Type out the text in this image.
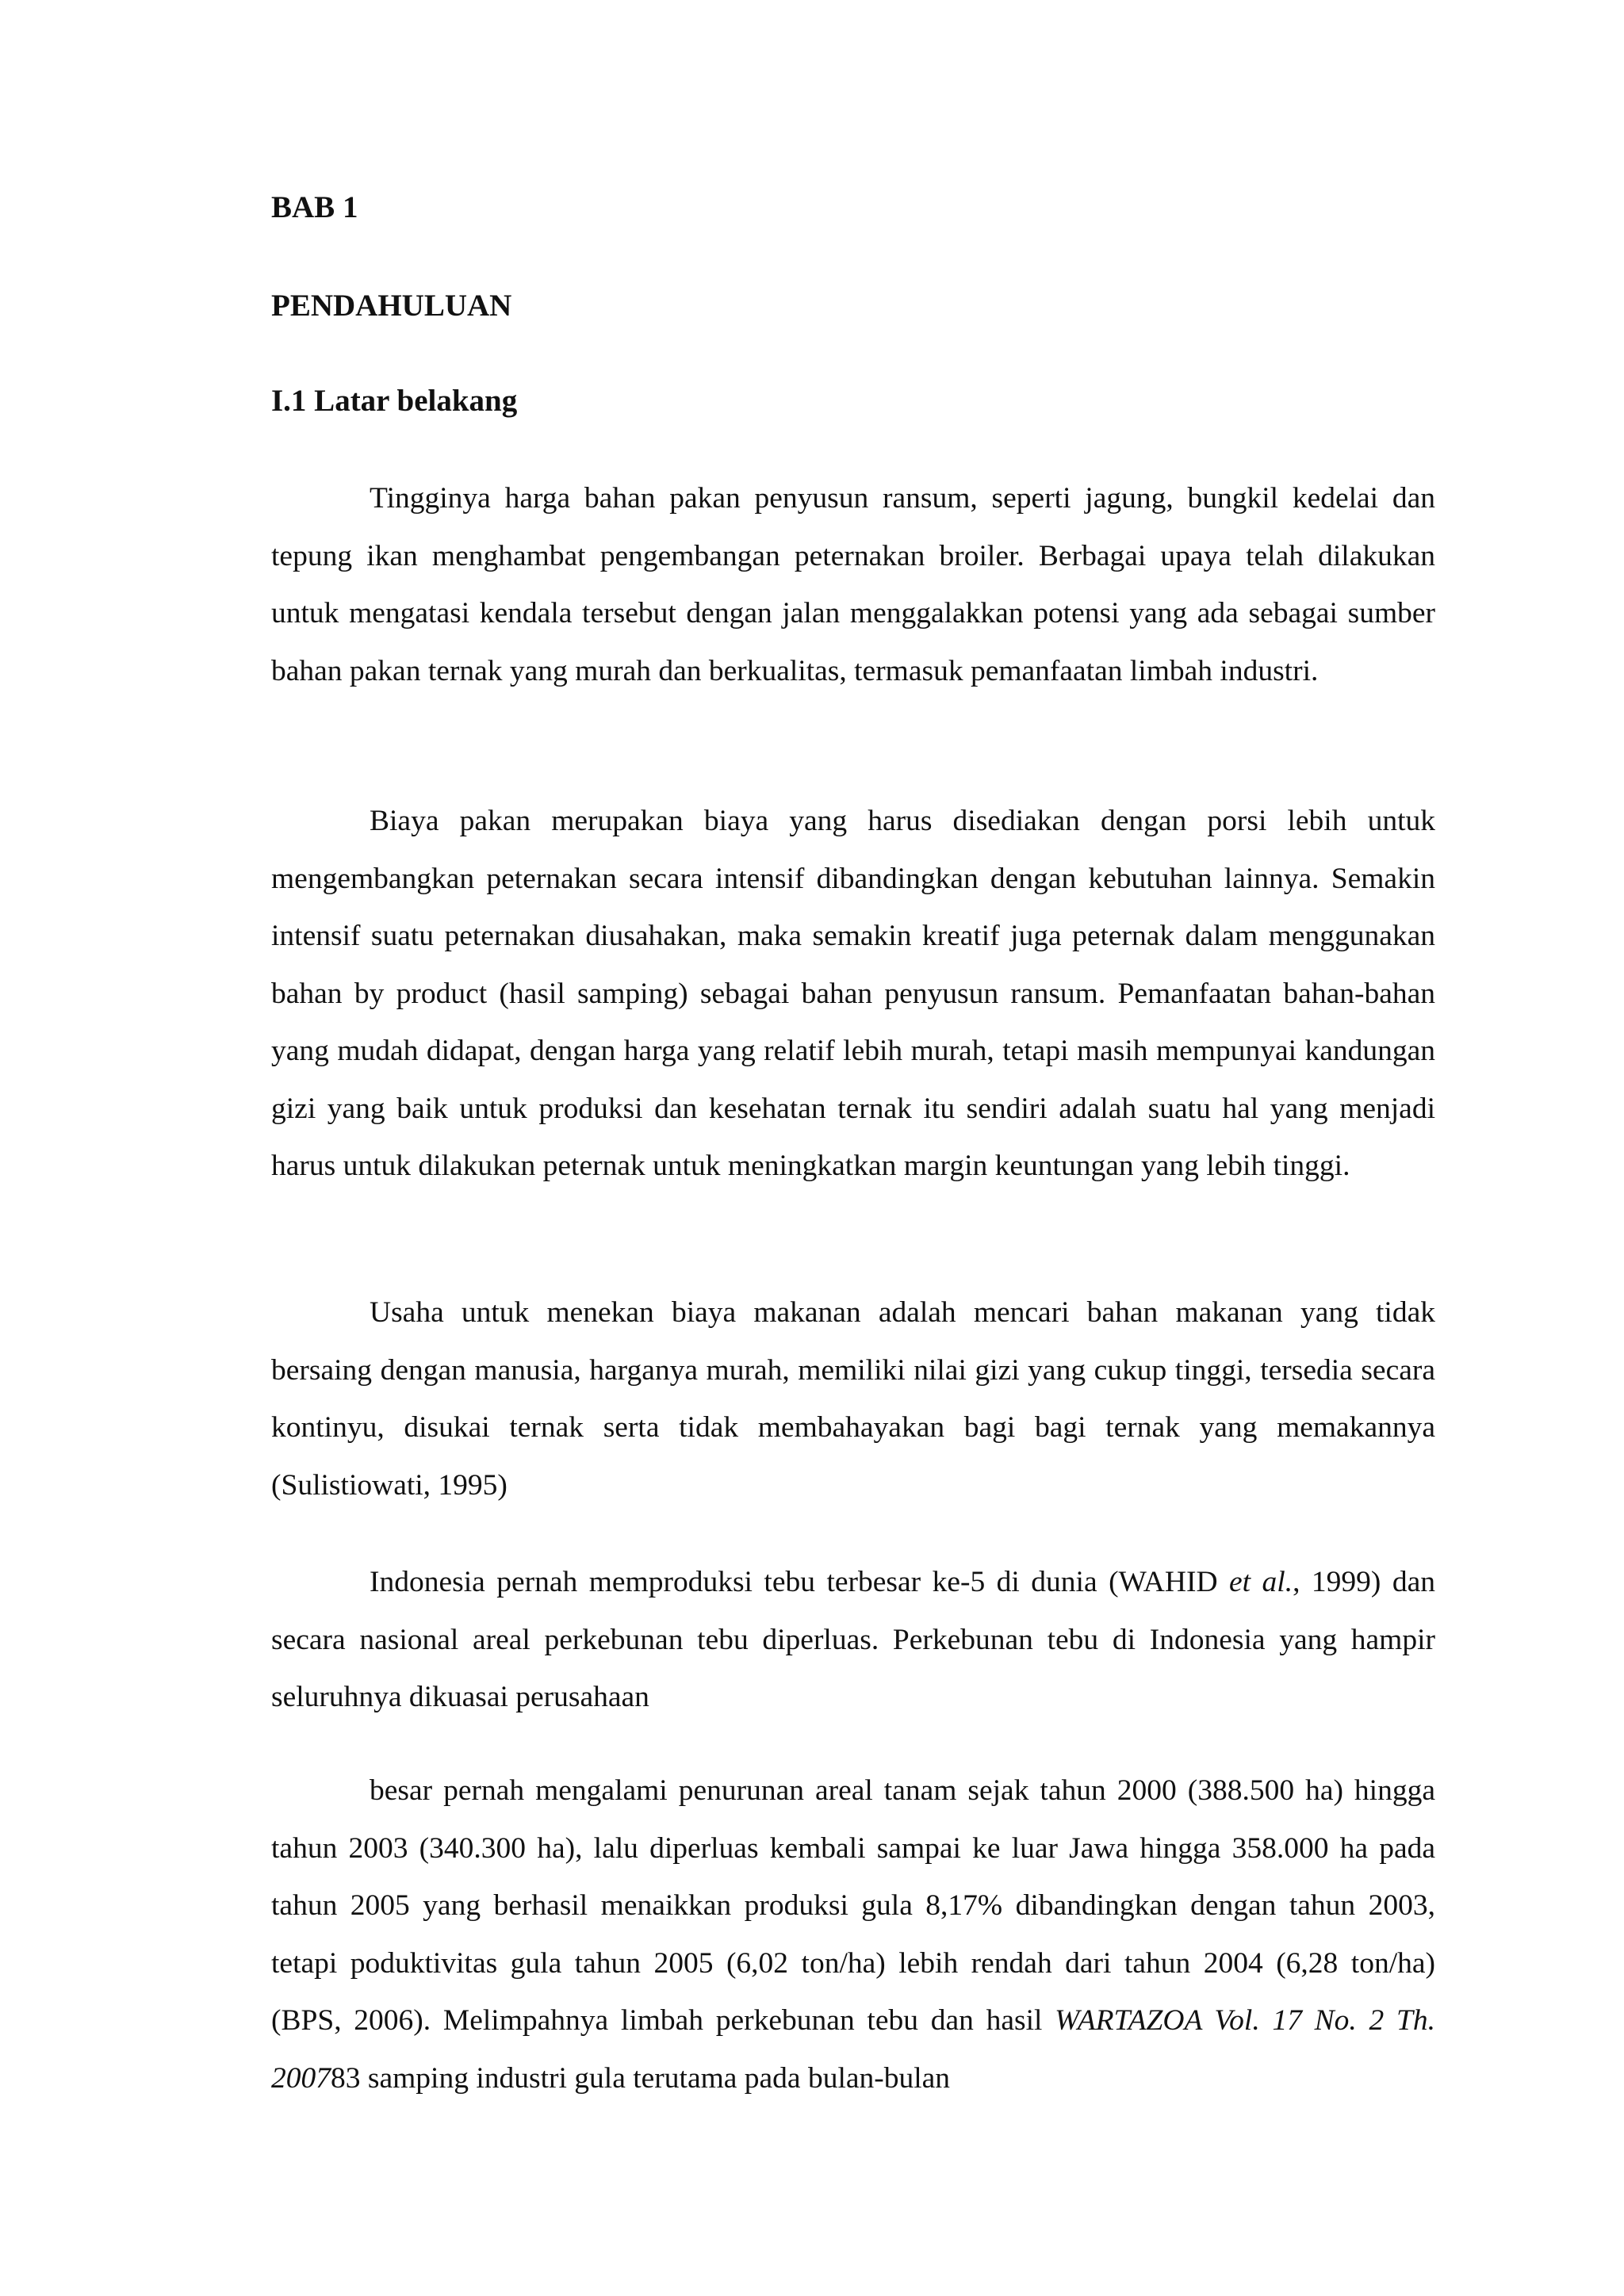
BAB 1
PENDAHULUAN
I.1 Latar belakang

Tingginya harga bahan pakan penyusun ransum, seperti jagung, bungkil kedelai dan tepung ikan menghambat pengembangan peternakan broiler. Berbagai upaya telah dilakukan untuk mengatasi kendala tersebut dengan jalan menggalakkan potensi yang ada sebagai sumber bahan pakan ternak yang murah dan berkualitas, termasuk pemanfaatan limbah industri.

Biaya pakan merupakan biaya yang harus disediakan dengan porsi lebih untuk mengembangkan peternakan secara intensif dibandingkan dengan kebutuhan lainnya. Semakin intensif suatu peternakan diusahakan, maka semakin kreatif juga peternak dalam menggunakan bahan by product (hasil samping) sebagai bahan penyusun ransum. Pemanfaatan bahan-bahan yang mudah didapat, dengan harga yang relatif lebih murah, tetapi masih mempunyai kandungan gizi yang baik untuk produksi dan kesehatan ternak itu sendiri adalah suatu hal yang menjadi harus untuk dilakukan peternak untuk meningkatkan margin keuntungan yang lebih tinggi.

Usaha untuk menekan biaya makanan adalah mencari bahan makanan yang tidak bersaing dengan manusia, harganya murah, memiliki nilai gizi yang cukup tinggi, tersedia secara kontinyu, disukai ternak serta tidak membahayakan bagi bagi ternak yang memakannya (Sulistiowati, 1995)

Indonesia pernah memproduksi tebu terbesar ke-5 di dunia (WAHID et al., 1999) dan secara nasional areal perkebunan tebu diperluas. Perkebunan tebu di Indonesia yang hampir seluruhnya dikuasai perusahaan

besar pernah mengalami penurunan areal tanam sejak tahun 2000 (388.500 ha) hingga tahun 2003 (340.300 ha), lalu diperluas kembali sampai ke luar Jawa hingga 358.000 ha pada tahun 2005 yang berhasil menaikkan produksi gula 8,17% dibandingkan dengan tahun 2003, tetapi poduktivitas gula tahun 2005 (6,02 ton/ha) lebih rendah dari tahun 2004 (6,28 ton/ha) (BPS, 2006). Melimpahnya limbah perkebunan tebu dan hasil WARTAZOA Vol. 17 No. 2 Th. 200783 samping industri gula terutama pada bulan-bulan
